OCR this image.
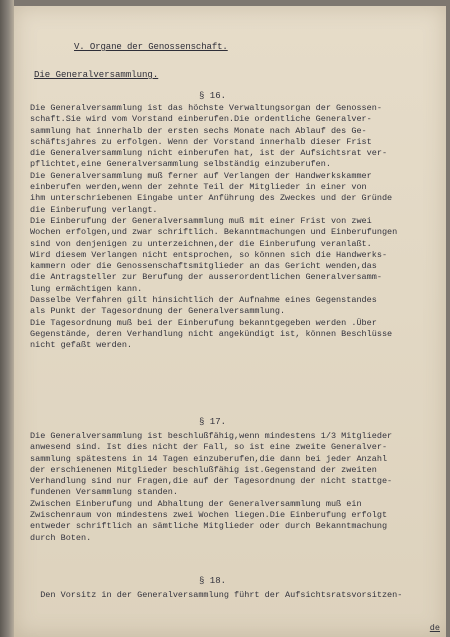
V. Organe der Genossenschaft.
Die Generalversammlung.
§ 16.
Die Generalversammlung ist das höchste Verwaltungsorgan der Genossen-
schaft.Sie wird vom Vorstand einberufen.Die ordentliche Generalver-
sammlung hat innerhalb der ersten sechs Monate nach Ablauf des Ge-
schäftsjahres zu erfolgen. Wenn der Vorstand innerhalb dieser Frist
die Generalversammlung nicht einberufen hat, ist der Aufsichtsrat ver-
pflichtet,eine Generalversammlung selbständig einzuberufen.
Die Generalversammlung muß ferner auf Verlangen der Handwerkskammer
einberufen werden,wenn der zehnte Teil der Mitglieder in einer von
ihm unterschriebenen Eingabe unter Anführung des Zweckes und der Gründe
die Einberufung verlangt.
Die Einberufung der Generalversammlung muß mit einer Frist von zwei
Wochen erfolgen,und zwar schriftlich. Bekanntmachungen und Einberufungen
sind von denjenigen zu unterzeichnen,der die Einberufung veranlaßt.
Wird diesem Verlangen nicht entsprochen, so können sich die Handwerks-
kammern oder die Genossenschaftsmitglieder an das Gericht wenden,das
die Antragsteller zur Berufung der ausserordentlichen Generalversamm-
lung ermächtigen kann.
Dasselbe Verfahren gilt hinsichtlich der Aufnahme eines Gegenstandes
als Punkt der Tagesordnung der Generalversammlung.
Die Tagesordnung muß bei der Einberufung bekanntgegeben werden .Über
Gegenstände, deren Verhandlung nicht angekündigt ist, können Beschlüsse
nicht gefaßt werden.
§ 17.
Die Generalversammlung ist beschlußfähig,wenn mindestens 1/3 Mitglieder
anwesend sind. Ist dies nicht der Fall, so ist eine zweite Generalver-
sammlung spätestens in 14 Tagen einzuberufen,die dann bei jeder Anzahl
der erschienenen Mitglieder beschlußfähig ist.Gegenstand der zweiten
Verhandlung sind nur Fragen,die auf der Tagesordnung der nicht stattge-
fundenen Versammlung standen.
Zwischen Einberufung und Abhaltung der Generalversammlung muß ein
Zwischenraum von mindestens zwei Wochen liegen.Die Einberufung erfolgt
entweder schriftlich an sämtliche Mitglieder oder durch Bekanntmachung
durch Boten.
§ 18.
Den Vorsitz in der Generalversammlung führt der Aufsichtsratsvorsitzen-
de
